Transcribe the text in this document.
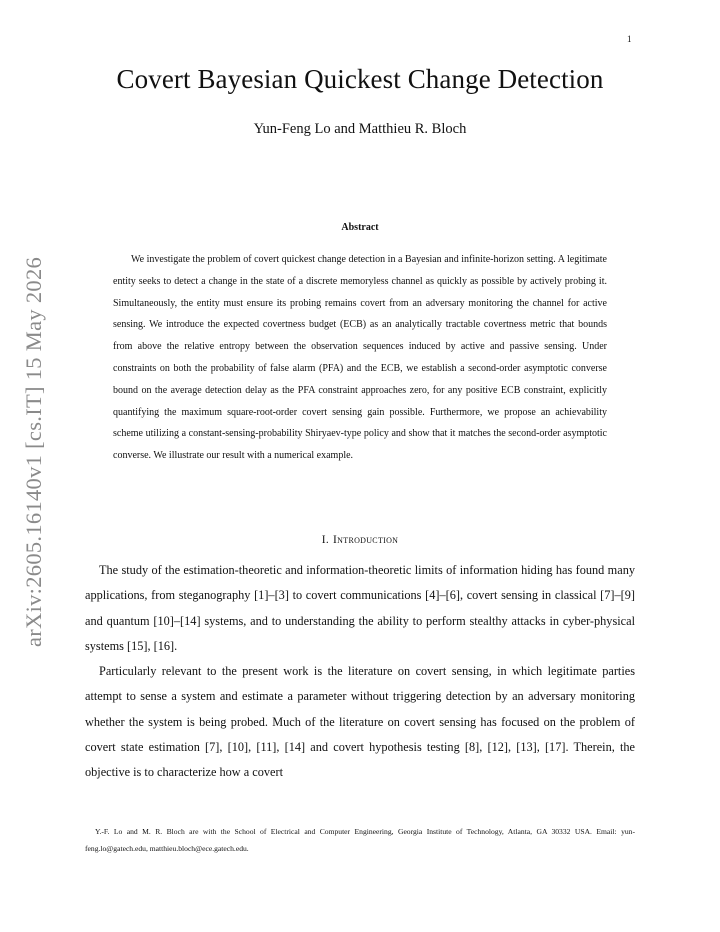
1
Covert Bayesian Quickest Change Detection
Yun-Feng Lo and Matthieu R. Bloch
Abstract

We investigate the problem of covert quickest change detection in a Bayesian and infinite-horizon setting. A legitimate entity seeks to detect a change in the state of a discrete memoryless channel as quickly as possible by actively probing it. Simultaneously, the entity must ensure its probing remains covert from an adversary monitoring the channel for active sensing. We introduce the expected covertness budget (ECB) as an analytically tractable covertness metric that bounds from above the relative entropy between the observation sequences induced by active and passive sensing. Under constraints on both the probability of false alarm (PFA) and the ECB, we establish a second-order asymptotic converse bound on the average detection delay as the PFA constraint approaches zero, for any positive ECB constraint, explicitly quantifying the maximum square-root-order covert sensing gain possible. Furthermore, we propose an achievability scheme utilizing a constant-sensing-probability Shiryaev-type policy and show that it matches the second-order asymptotic converse. We illustrate our result with a numerical example.

arXiv:2605.16140v1 [cs.IT] 15 May 2026	I. Introduction

The study of the estimation-theoretic and information-theoretic limits of information hiding has found many applications, from steganography [1]–[3] to covert communications [4]–[6], covert sensing in classical [7]–[9] and quantum [10]–[14] systems, and to understanding the ability to perform stealthy attacks in cyber-physical systems [15], [16].

Particularly relevant to the present work is the literature on covert sensing, in which legitimate parties attempt to sense a system and estimate a parameter without triggering detection by an adversary monitoring whether the system is being probed. Much of the literature on covert sensing has focused on the problem of covert state estimation [7], [10], [11], [14] and covert hypothesis testing [8], [12], [13], [17]. Therein, the objective is to characterize how a covert

Y.-F. Lo and M. R. Bloch are with the School of Electrical and Computer Engineering, Georgia Institute of Technology, Atlanta, GA 30332 USA. Email: yun-feng.lo@gatech.edu, matthieu.bloch@ece.gatech.edu.
